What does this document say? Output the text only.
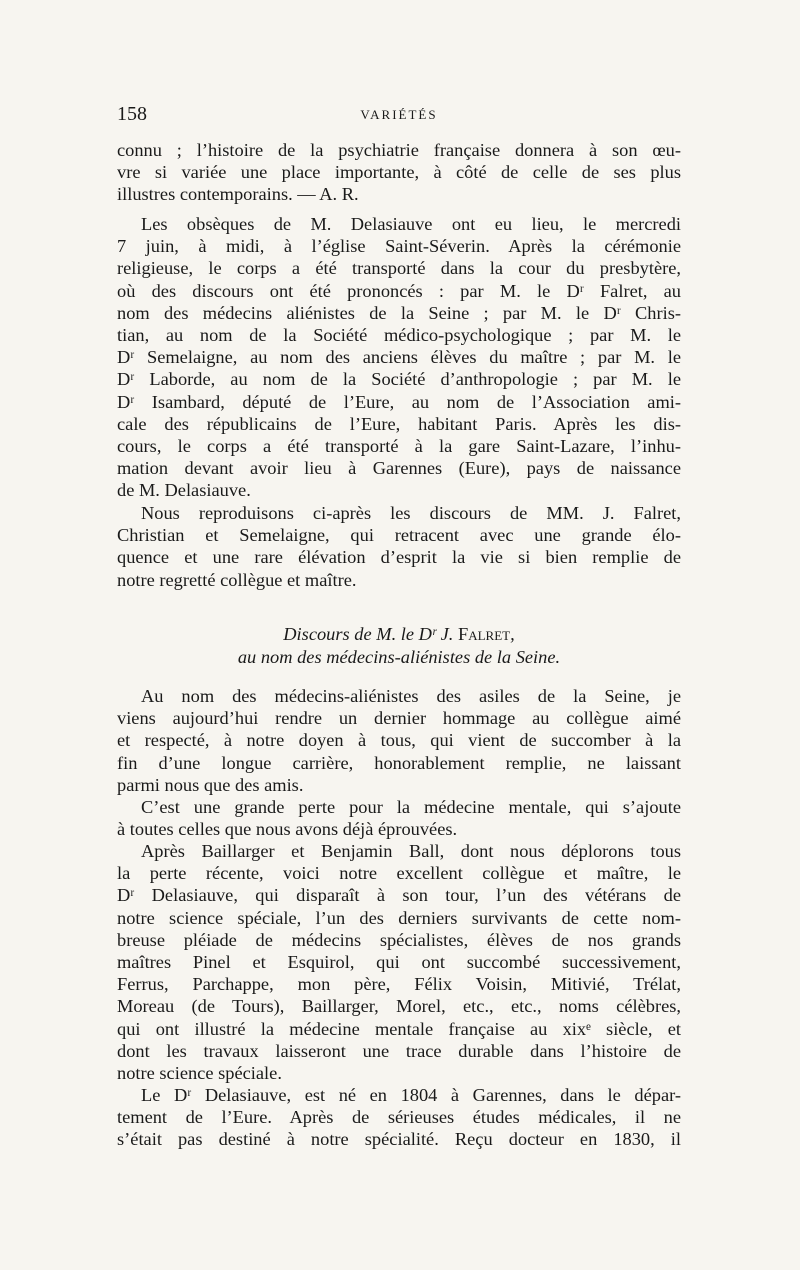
158	VARIÉTÉS

connu ; l’histoire de la psychiatrie française donnera à son œu-
vre si variée une place importante, à côté de celle de ses plus
illustres contemporains. — A. R.

Les obsèques de M. Delasiauve ont eu lieu, le mercredi
7 juin, à midi, à l’église Saint-Séverin. Après la cérémonie
religieuse, le corps a été transporté dans la cour du presbytère,
où des discours ont été prononcés : par M. le Dʳ Falret, au
nom des médecins aliénistes de la Seine ; par M. le Dʳ Chris-
tian, au nom de la Société médico-psychologique ; par M. le
Dʳ Semelaigne, au nom des anciens élèves du maître ; par M. le
Dʳ Laborde, au nom de la Société d’anthropologie ; par M. le
Dʳ Isambard, député de l’Eure, au nom de l’Association ami-
cale des républicains de l’Eure, habitant Paris. Après les dis-
cours, le corps a été transporté à la gare Saint-Lazare, l’inhu-
mation devant avoir lieu à Garennes (Eure), pays de naissance
de M. Delasiauve.

Nous reproduisons ci-après les discours de MM. J. Falret,
Christian et Semelaigne, qui retracent avec une grande élo-
quence et une rare élévation d’esprit la vie si bien remplie de
notre regretté collègue et maître.

Discours de M. le Dʳ J. Falret,
au nom des médecins-aliénistes de la Seine.

Au nom des médecins-aliénistes des asiles de la Seine, je
viens aujourd’hui rendre un dernier hommage au collègue aimé
et respecté, à notre doyen à tous, qui vient de succomber à la
fin d’une longue carrière, honorablement remplie, ne laissant
parmi nous que des amis.

C’est une grande perte pour la médecine mentale, qui s’ajoute
à toutes celles que nous avons déjà éprouvées.

Après Baillarger et Benjamin Ball, dont nous déplorons tous
la perte récente, voici notre excellent collègue et maître, le
Dʳ Delasiauve, qui disparaît à son tour, l’un des vétérans de
notre science spéciale, l’un des derniers survivants de cette nom-
breuse pléiade de médecins spécialistes, élèves de nos grands
maîtres Pinel et Esquirol, qui ont succombé successivement,
Ferrus, Parchappe, mon père, Félix Voisin, Mitivié, Trélat,
Moreau (de Tours), Baillarger, Morel, etc., etc., noms célèbres,
qui ont illustré la médecine mentale française au xixᵉ siècle, et
dont les travaux laisseront une trace durable dans l’histoire de
notre science spéciale.

Le Dʳ Delasiauve, est né en 1804 à Garennes, dans le dépar-
tement de l’Eure. Après de sérieuses études médicales, il ne
s’était pas destiné à notre spécialité. Reçu docteur en 1830, il
